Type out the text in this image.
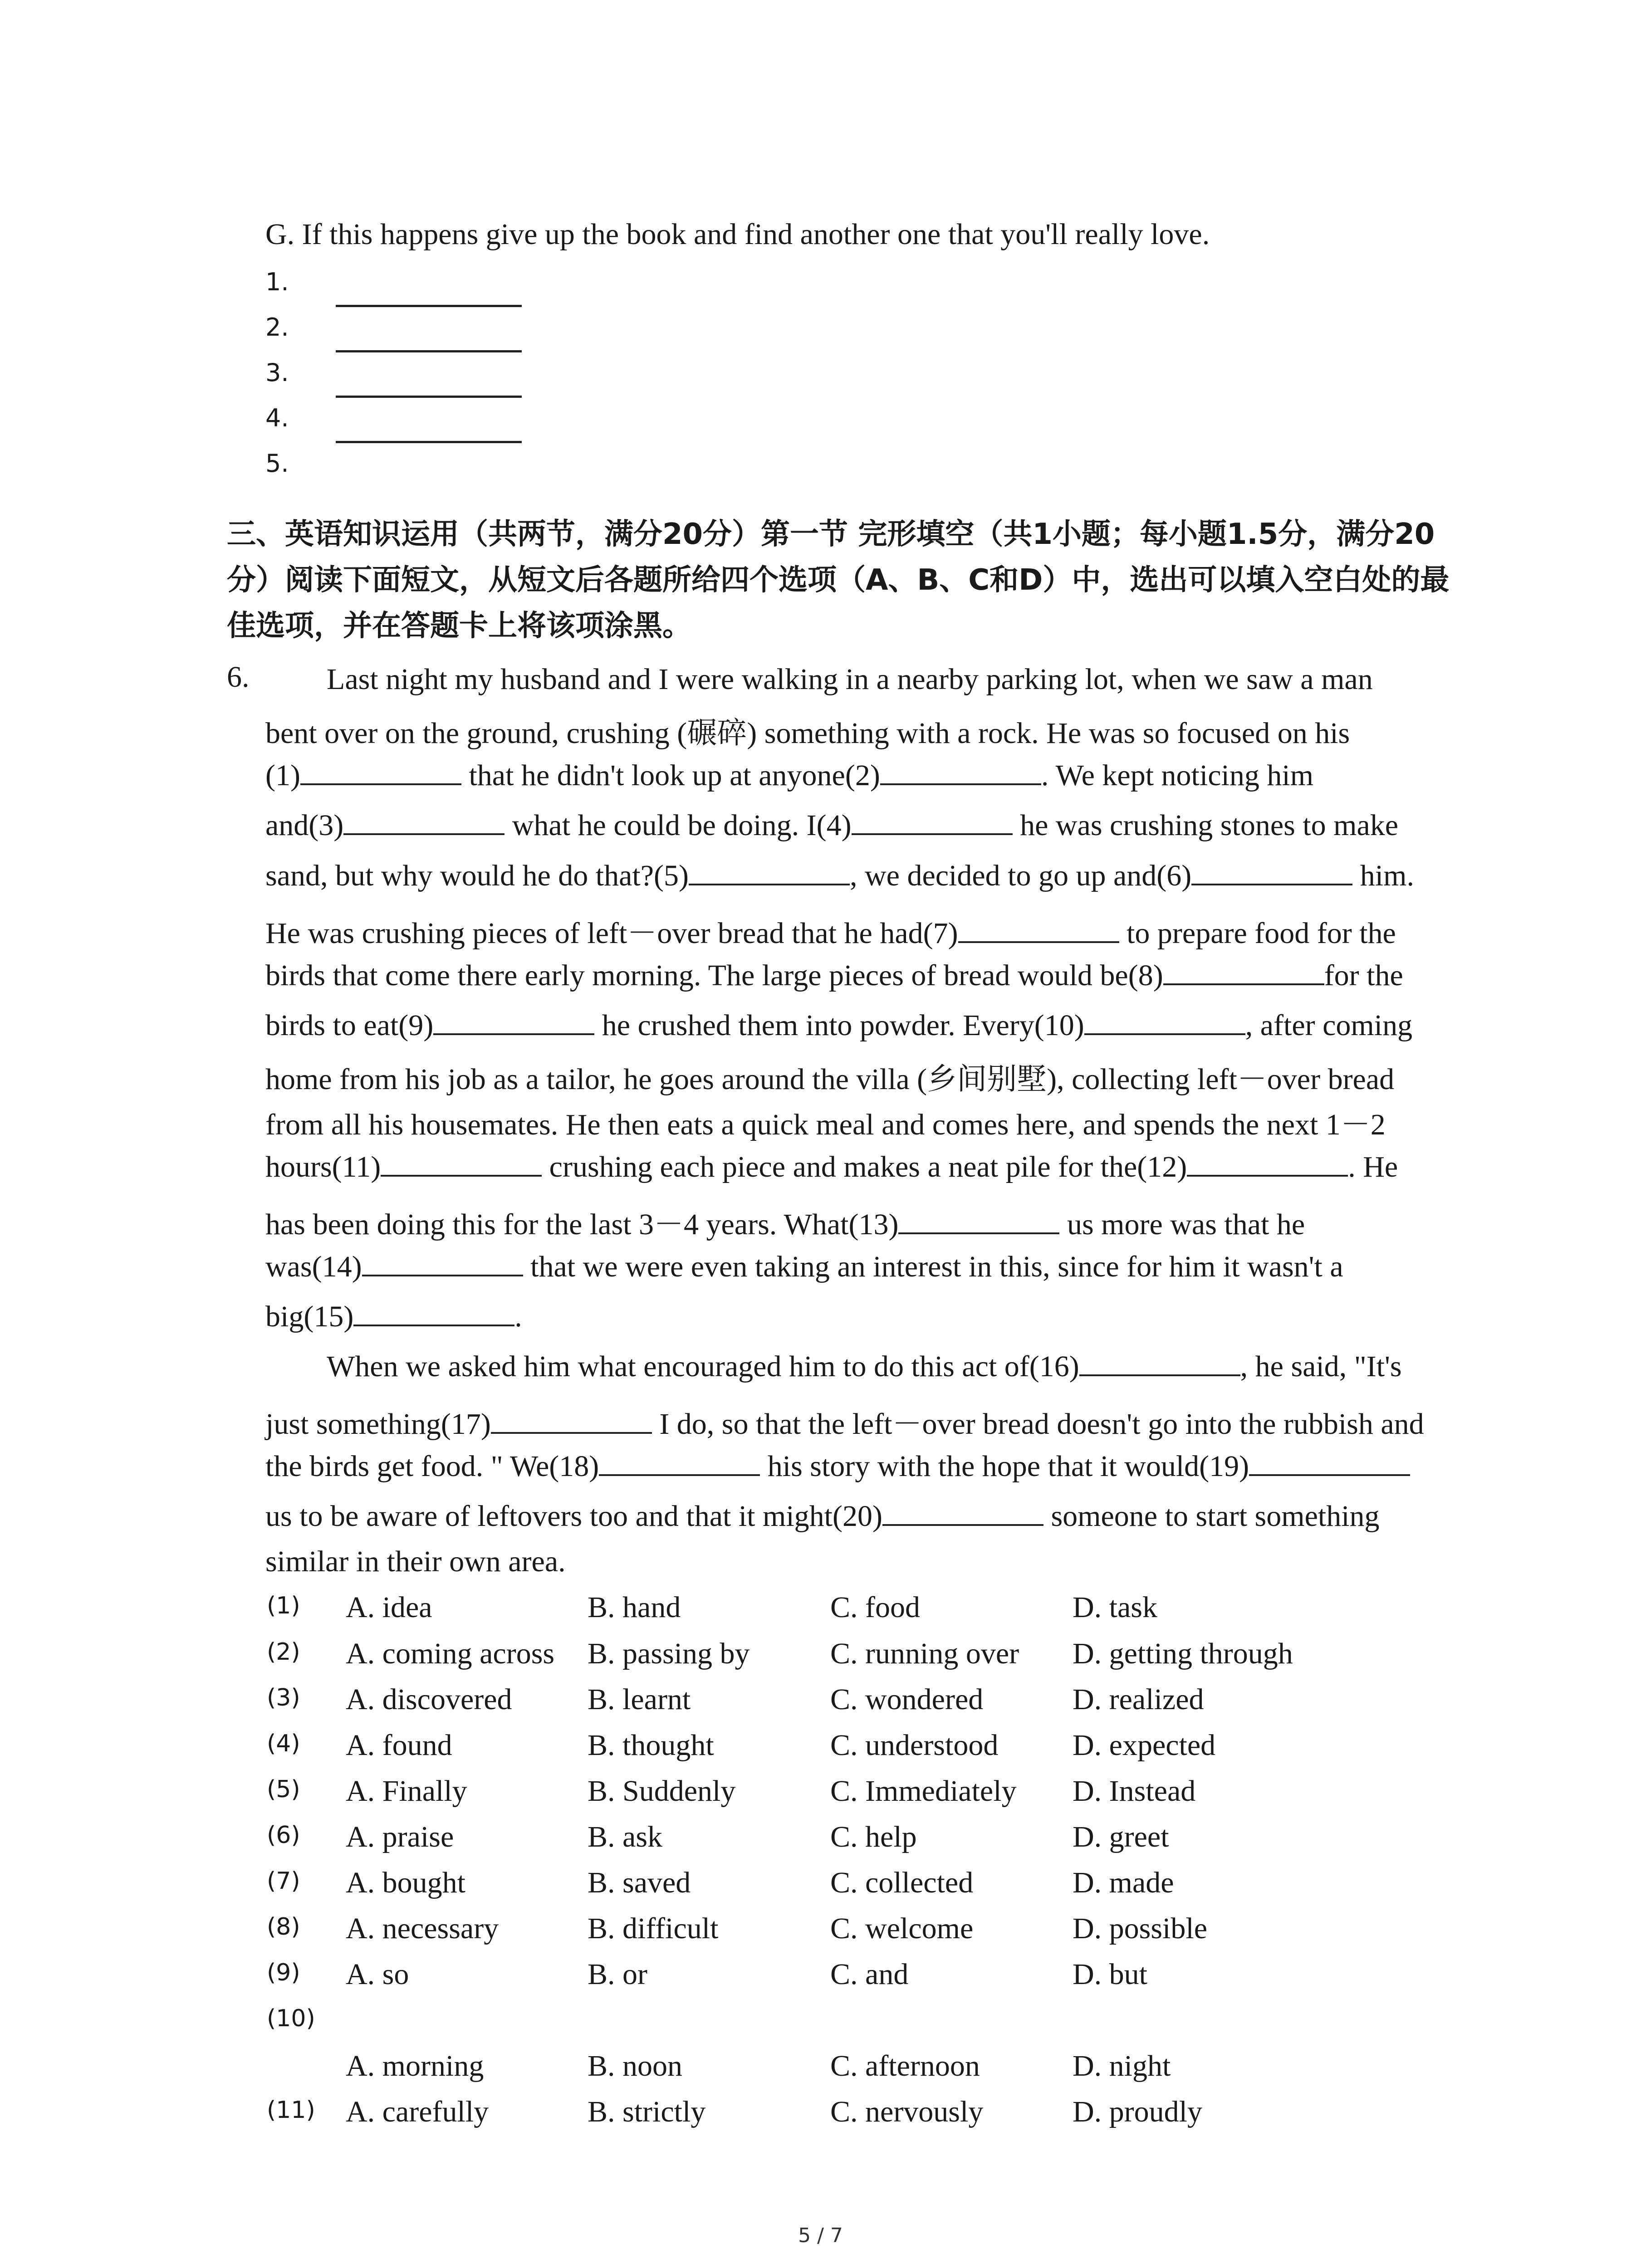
G. If this happens give up the book and find another one that you'll really love.
1.
2.
3.
4.
5.
三、英语知识运用（共两节，满分20分）第一节 完形填空（共1小题；每小题1.5分，满分20分）阅读下面短文，从短文后各题所给四个选项（A、B、C和D）中，选出可以填入空白处的最佳选项，并在答题卡上将该项涂黑。
6.	Last night my husband and I were walking in a nearby parking lot, when we saw a man
bent over on the ground, crushing (碾碎) something with a rock. He was so focused on his
(1)	that he didn't look up at anyone(2)	. We kept noticing him
and(3)	what he could be doing. I(4)	he was crushing stones to make
sand, but why would he do that?(5)	, we decided to go up and(6)	him.
He was crushing pieces of left－over bread that he had(7)	to prepare food for the
birds that come there early morning. The large pieces of bread would be(8)	for the
birds to eat(9)	he crushed them into powder. Every(10)	, after coming
home from his job as a tailor, he goes around the villa (乡间别墅), collecting left－over bread
from all his housemates. He then eats a quick meal and comes here, and spends the next 1－2
hours(11)	crushing each piece and makes a neat pile for the(12)	. He
has been doing this for the last 3－4 years. What(13)	us more was that he
was(14)	that we were even taking an interest in this, since for him it wasn't a
big(15)	.
When we asked him what encouraged him to do this act of(16)	, he said, "It's
just something(17)	I do, so that the left－over bread doesn't go into the rubbish and
the birds get food. " We(18)	his story with the hope that it would(19)
us to be aware of leftovers too and that it might(20)	someone to start something
similar in their own area.
(1) A. idea	B. hand	C. food	D. task
(2) A. coming across B. passing by	C. running over D. getting through
(3) A. discovered	B. learnt	C. wondered	D. realized
(4) A. found	B. thought	C. understood D. expected
(5) A. Finally	B. Suddenly	C. Immediately D. Instead
(6) A. praise	B. ask	C. help	D. greet
(7) A. bought	B. saved	C. collected	D. made
(8) A. necessary	B. difficult	C. welcome	D. possible
(9) A. so	B. or	C. and	D. but
(10)
A. morning	B. noon	C. afternoon	D. night
(11) A. carefully	B. strictly	C. nervously	D. proudly
5 / 7
